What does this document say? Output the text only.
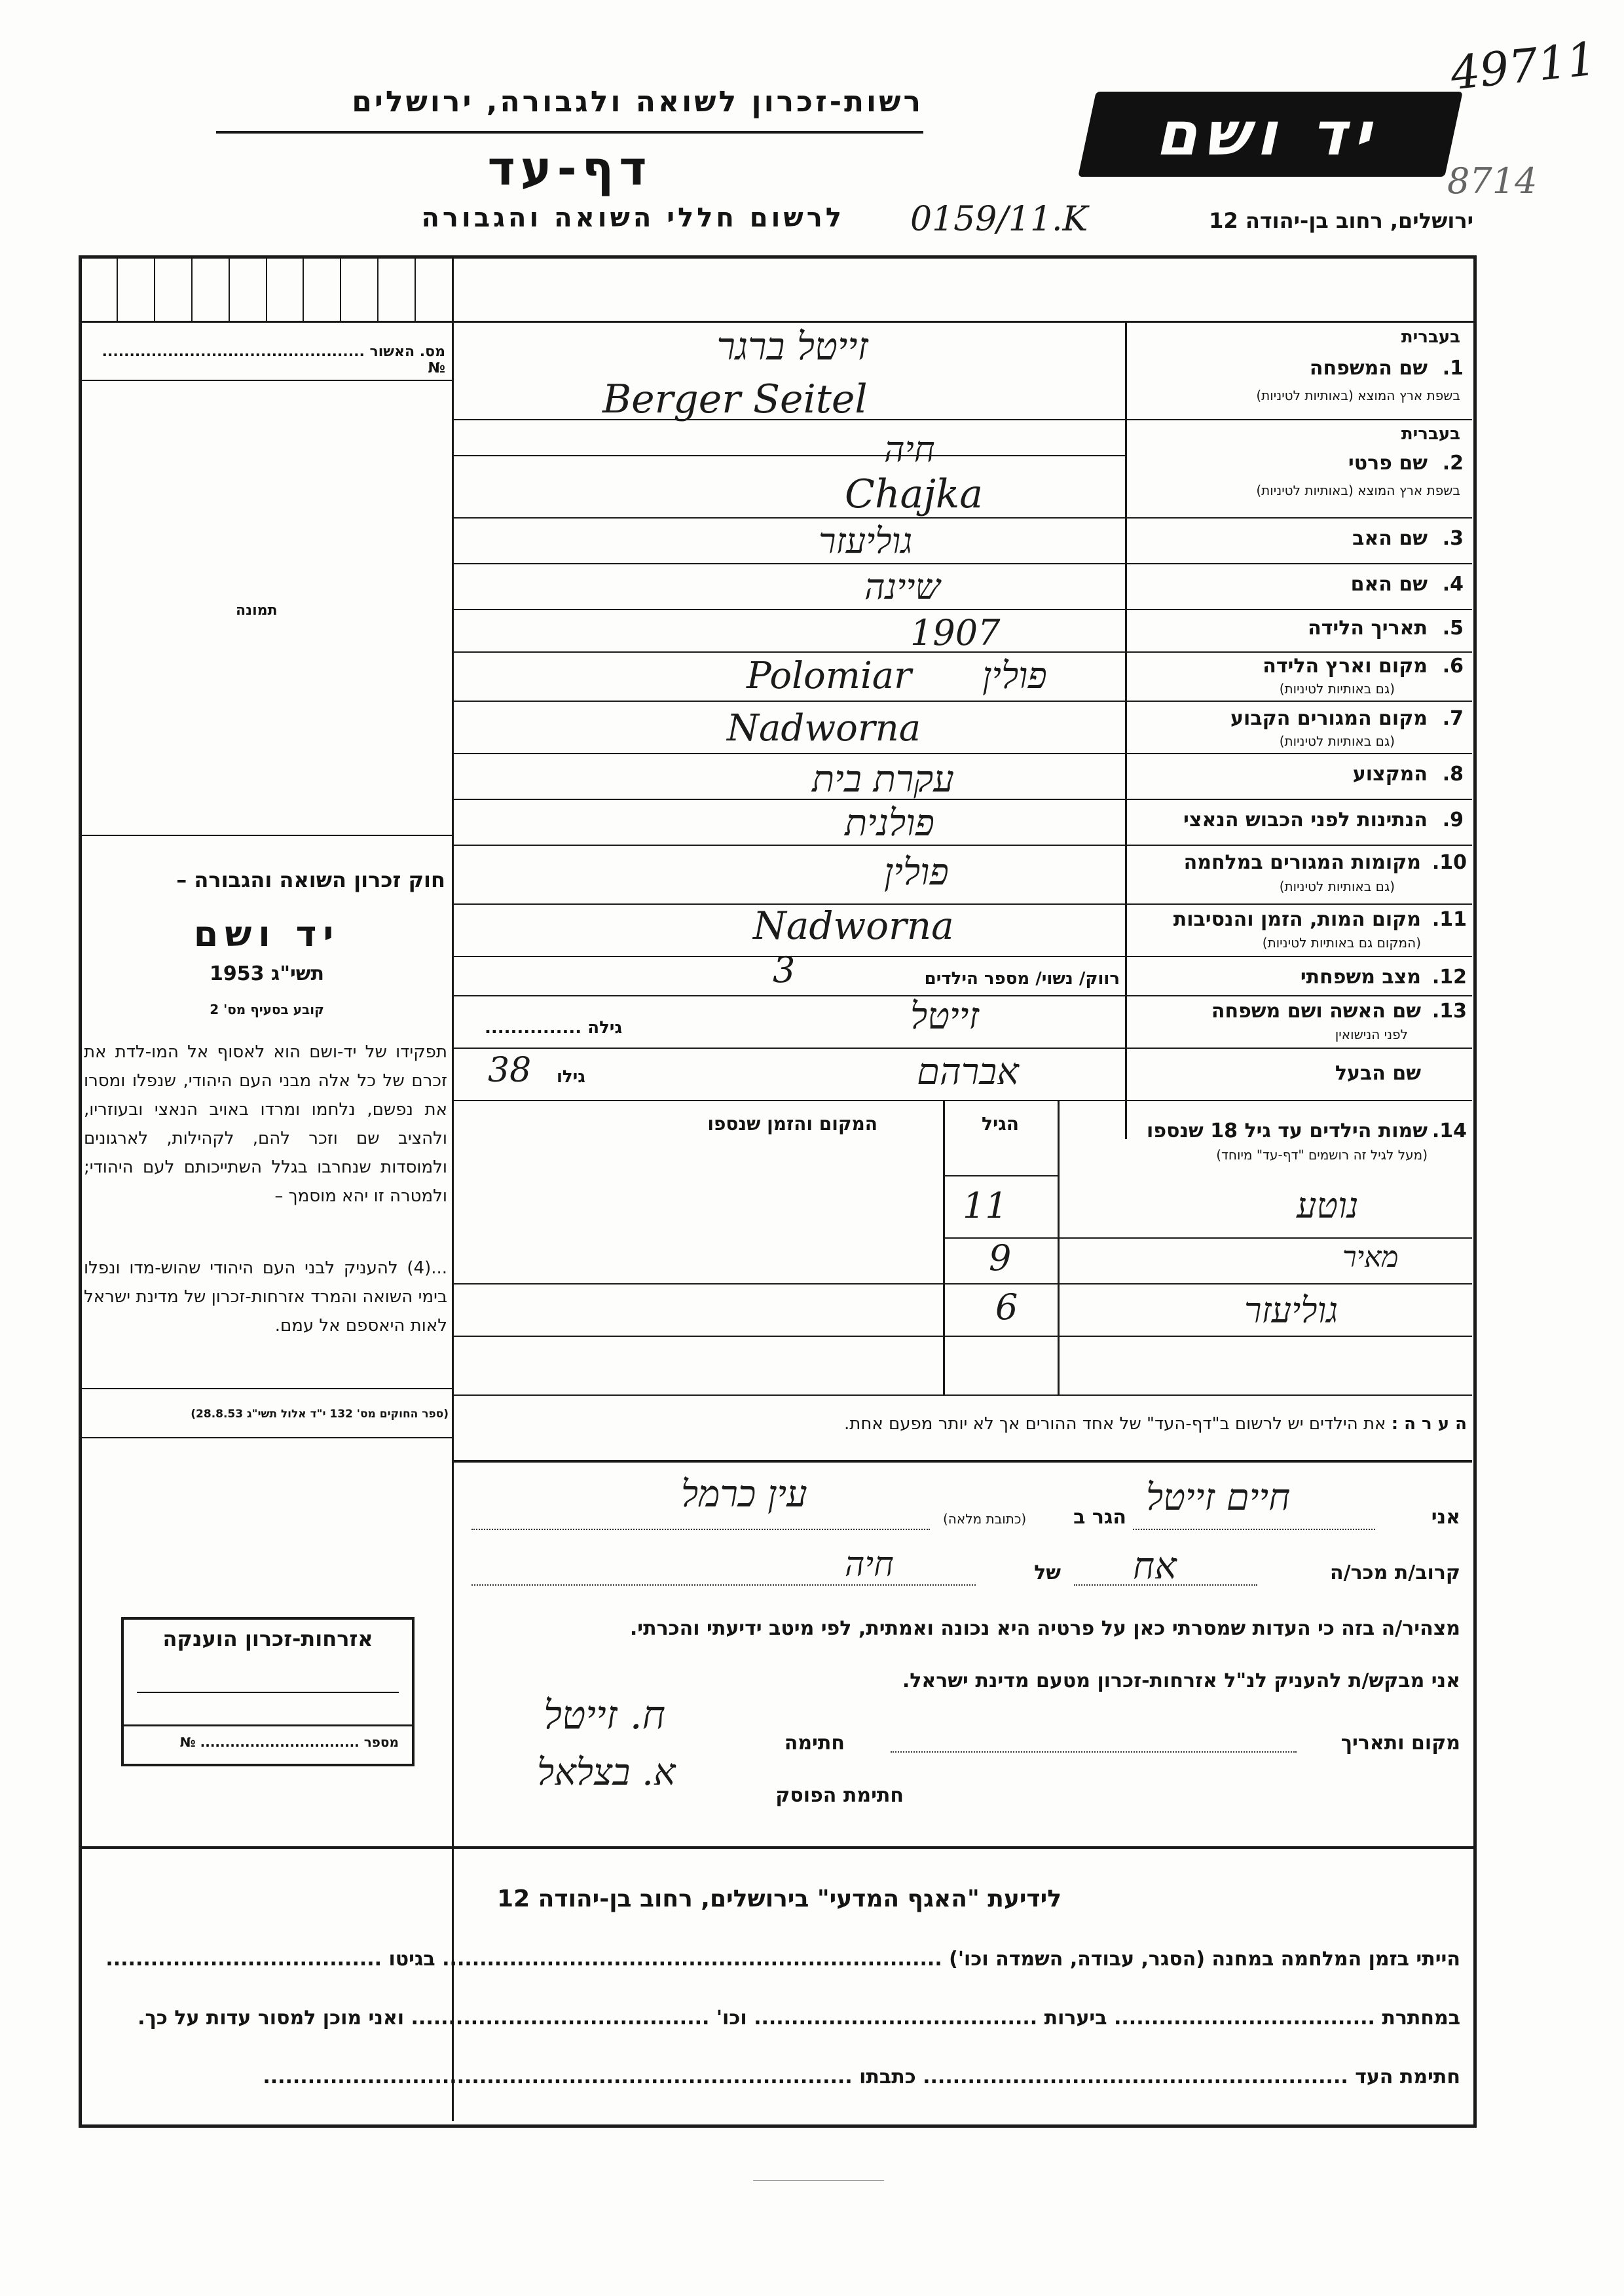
רשות-זכרון לשואה ולגבורה, ירושלים
דף-עד
לרשום חללי השואה והגבורה 0159/11.K	ירושלים, רחוב בן-יהודה 12
יד ושם
49711
8714
מס. האשור ................................................ №
תמונה
חוק זכרון השואה והגבורה –
יד ושם
תשי"ג 1953
קובע בסעיף מס' 2
תפקידו של יד-ושם הוא לאסוף אל המו-לדת את זכרם של כל אלה מבני העם היהודי, שנפלו ומסרו את נפשם, נלחמו ומרדו באויב הנאצי ובעוזריו, ולהציב שם וזכר להם, לקהילות, לארגונים ולמוסדות שנחרבו בגלל השתייכותם לעם היהודי; ולמטרה זו יהא מוסמך –
...(4) להעניק לבני העם היהודי שהוש-מדו ונפלו בימי השואה והמרד אזרחות-זכרון של מדינת ישראל לאות היאספם אל עמם.
(ספר החוקים מס' 132 י"ד אלול תשי"ג 28.8.53)
בעברית
שם המשפחה 1.
בשפת ארץ המוצא (באותיות לטיניות)
זייטל ברגר
Berger Seitel
בעברית
שם פרטי 2.
בשפת ארץ המוצא (באותיות לטיניות)
חיה
Chajka
שם האב 3.
גוליעזר
שם האם 4.
שיינה
תאריך הלידה 5.
1907
מקום וארץ הלידה 6.
(גם באותיות לטיניות)
Polomiar פולין
מקום המגורים הקבוע 7.
(גם באותיות לטיניות)
Nadworna
המקצוע 8.
עקרת בית
הנתינות לפני הכבוש הנאצי 9.
פולנית
מקומות המגורים במלחמה 10.
(גם באותיות לטיניות)
פולין
מקום המות, הזמן והנסיבות 11.
(המקום גם באותיות לטיניות)
Nadworna
מצב משפחתי 12.
רווק/ נשוי/ מספר הילדים
3
שם האשה ושם משפחה 13.
לפני הנישואין
זייטל
גילה ...............
שם הבעל
אברהם
גילו
38
שמות הילדים עד גיל 18 שנספו 14.
(מעל לגיל זה רושמים "דף-עד" מיוחד)
הגיל
המקום והזמן שנספו
נוטע
11
מאיר
9
גוליעזר
6
ה ע ר ה : את הילדים יש לרשום ב"דף-העד" של אחד ההורים אך לא יותר מפעם אחת.
אני
חיים זייטל
הגר ב
(כתובת מלאה)
עין כרמל
קרוב/ת מכר/ה
אח
של
חיה
מצהיר/ה בזה כי העדות שמסרתי כאן על פרטיה היא נכונה ואמתית, לפי מיטב ידיעתי והכרתי.
אני מבקש/ת להעניק לנ"ל אזרחות-זכרון מטעם מדינת ישראל.
מקום ותאריך
חתימה
ח. זייטל
חתימת הפוסק
א. בצלאל
אזרחות-זכרון הוענקה
מספר ................................ №
לידיעת "האגף המדעי" בירושלים, רחוב בן-יהודה 12
הייתי בזמן המלחמה במחנה (הסגר, עבודה, השמדה וכו') ................................................................... בגיטו .....................................
במחתרת ................................... ביערות ...................................... וכו' ........................................ ואני מוכן למסור עדות על כך.
חתימת העד ......................................................... כתבתו ...............................................................................
